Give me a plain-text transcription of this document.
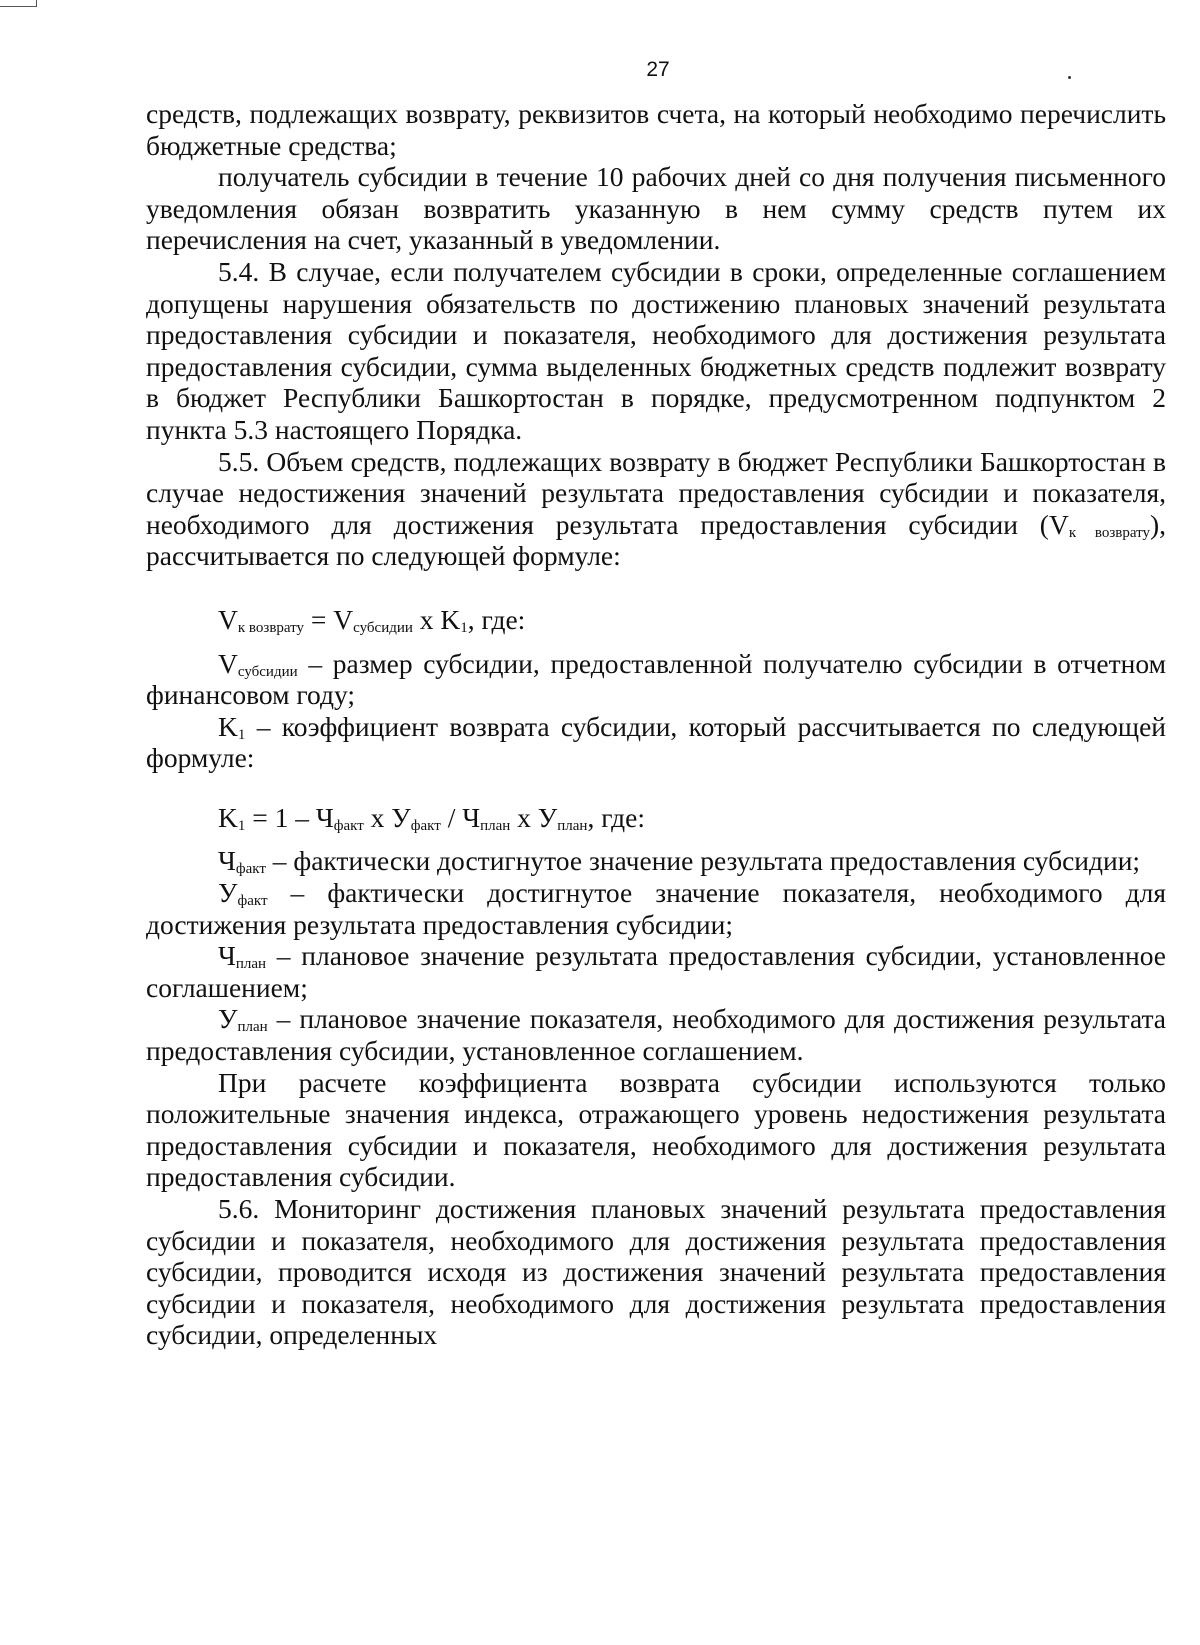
27

средств, подлежащих возврату, реквизитов счета, на который необходимо перечислить бюджетные средства;

получатель субсидии в течение 10 рабочих дней со дня получения письменного уведомления обязан возвратить указанную в нем сумму средств путем их перечисления на счет, указанный в уведомлении.

5.4. В случае, если получателем субсидии в сроки, определенные соглашением допущены нарушения обязательств по достижению плановых значений результата предоставления субсидии и показателя, необходимого для достижения результата предоставления субсидии, сумма выделенных бюджетных средств подлежит возврату в бюджет Республики Башкортостан в порядке, предусмотренном подпунктом 2 пункта 5.3 настоящего Порядка.

5.5. Объем средств, подлежащих возврату в бюджет Республики Башкортостан в случае недостижения значений результата предоставления субсидии и показателя, необходимого для достижения результата предоставления субсидии $(V_{к возврату})$, рассчитывается по следующей формуле:

$V_{к возврату} = V_{субсидии}$ x $K_1$, где:

$V_{субсидии}$ – размер субсидии, предоставленной получателю субсидии в отчетном финансовом году;

$K_1$ – коэффициент возврата субсидии, который рассчитывается по следующей формуле:

$K_1 = 1 - Ч_{факт}$ x $У_{факт} / Ч_{план}$ x $У_{план}$, где:

$Ч_{факт}$ – фактически достигнутое значение результата предоставления субсидии;

$У_{факт}$ – фактически достигнутое значение показателя, необходимого для достижения результата предоставления субсидии;

$Ч_{план}$ – плановое значение результата предоставления субсидии, установленное соглашением;

$У_{план}$ – плановое значение показателя, необходимого для достижения результата предоставления субсидии, установленное соглашением.

При расчете коэффициента возврата субсидии используются только положительные значения индекса, отражающего уровень недостижения результата предоставления субсидии и показателя, необходимого для достижения результата предоставления субсидии.

5.6. Мониторинг достижения плановых значений результата предоставления субсидии и показателя, необходимого для достижения результата предоставления субсидии, проводится исходя из достижения значений результата предоставления субсидии и показателя, необходимого для достижения результата предоставления субсидии, определенных
